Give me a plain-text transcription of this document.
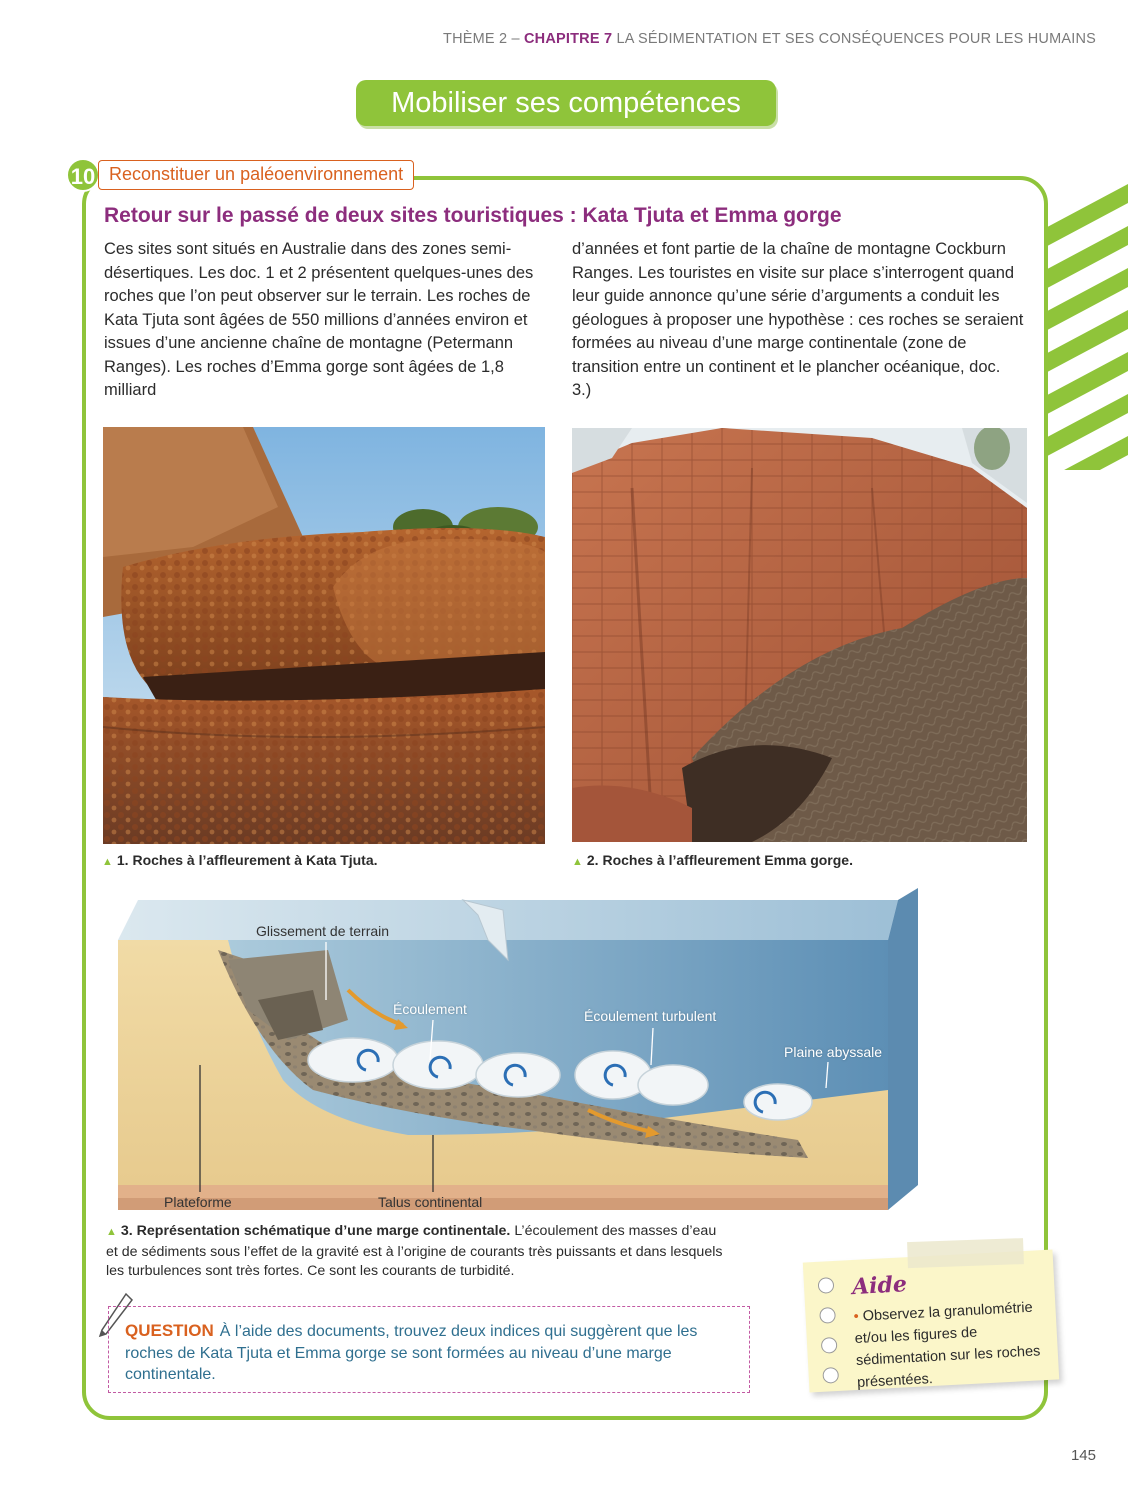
THÈME 2 – CHAPITRE 7 LA SÉDIMENTATION ET SES CONSÉQUENCES POUR LES HUMAINS
Mobiliser ses compétences
10 Reconstituer un paléoenvironnement
Retour sur le passé de deux sites touristiques : Kata Tjuta et Emma gorge
Ces sites sont situés en Australie dans des zones semi-désertiques. Les doc. 1 et 2 présentent quelques-unes des roches que l’on peut observer sur le terrain. Les roches de Kata Tjuta sont âgées de 550 millions d’années environ et issues d’une ancienne chaîne de montagne (Petermann Ranges). Les roches d’Emma gorge sont âgées de 1,8 milliard
d’années et font partie de la chaîne de montagne Cockburn Ranges. Les touristes en visite sur place s’interrogent quand leur guide annonce qu’une série d’arguments a conduit les géologues à proposer une hypothèse : ces roches se seraient formées au niveau d’une marge continentale (zone de transition entre un continent et le plancher océanique, doc. 3.)
▲ 1. Roches à l’affleurement à Kata Tjuta.	▲ 2. Roches à l’affleurement Emma gorge.
Glissement de terrain
Écoulement	Écoulement turbulent
Plaine abyssale
Plateforme	Talus continental
▲ 3. Représentation schématique d’une marge continentale. L’écoulement des masses d’eau et de sédiments sous l’effet de la gravité est à l’origine de courants très puissants et dans lesquels les turbulences sont très fortes. Ce sont les courants de turbidité.
QUESTION À l’aide des documents, trouvez deux indices qui suggèrent que les roches de Kata Tjuta et Emma gorge se sont formées au niveau d’une marge continentale.
Aide
• Observez la granulométrie et/ou les figures de sédimentation sur les roches présentées.
145
